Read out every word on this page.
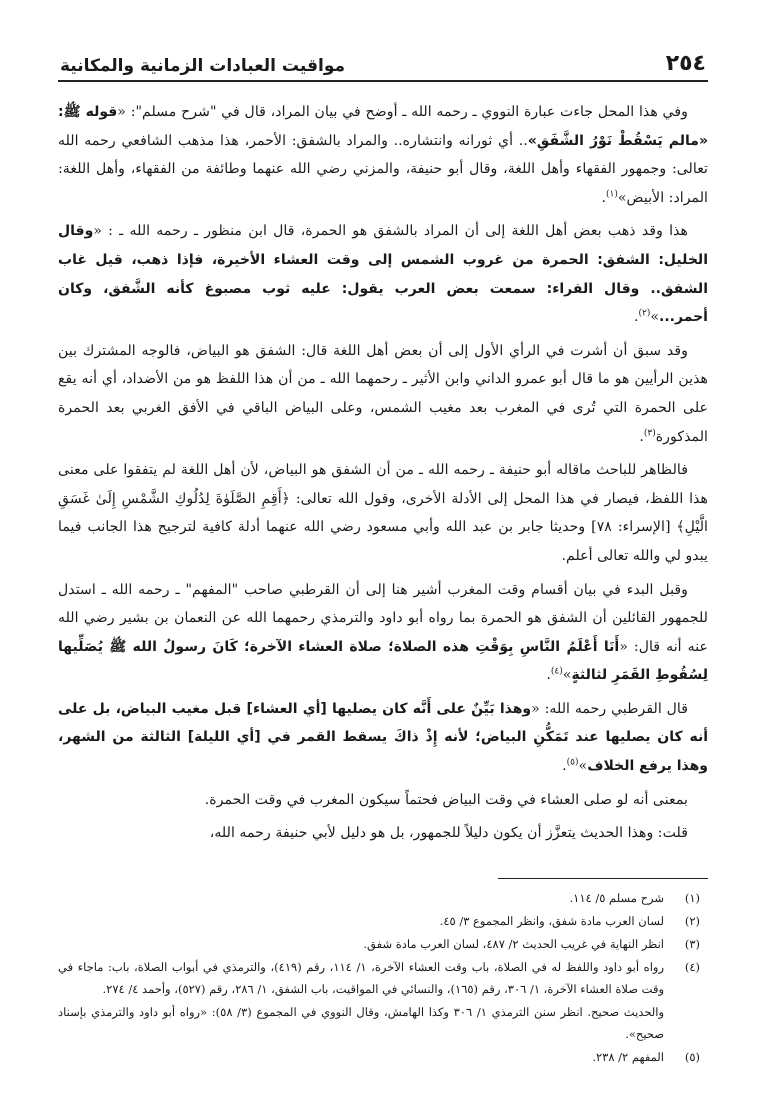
٢٥٤
مواقيت العبادات الزمانية والمكانية

وفي هذا المحل جاءت عبارة النووي ـ رحمه الله ـ أوضح في بيان المراد، قال في "شرح مسلم": «قوله ﷺ: «مالم يَسْقُطْ نَوْرُ الشَّفَقِ».. أي ثورانه وانتشاره.. والمراد بالشفق: الأحمر، هذا مذهب الشافعي رحمه الله تعالى: وجمهور الفقهاء وأهل اللغة، وقال أبو حنيفة، والمزني رضي الله عنهما وطائفة من الفقهاء، وأهل اللغة: المراد: الأبيض»$^{(١)}$.

هذا وقد ذهب بعض أهل اللغة إلى أن المراد بالشفق هو الحمرة، قال ابن منظور ـ رحمه الله ـ : «وقال الخليل: الشفق: الحمرة من غروب الشمس إلى وقت العشاء الأخيرة، فإذا ذهب، قيل غاب الشفق.. وقال الفراء: سمعت بعض العرب يقول: عليه ثوب مصبوغ كأنه الشَّفق، وكان أحمر...»$^{(٢)}$.

وقد سبق أن أشرت في الرأي الأول إلى أن بعض أهل اللغة قال: الشفق هو البياض، فالوجه المشترك بين هذين الرأيين هو ما قال أبو عمرو الداني وابن الأثير ـ رحمهما الله ـ من أن هذا اللفظ هو من الأضداد، أي أنه يقع على الحمرة التي تُرى في المغرب بعد مغيب الشمس، وعلى البياض الباقي في الأفق الغربي بعد الحمرة المذكورة$^{(٣)}$.

فالظاهر للباحث ماقاله أبو حنيفة ـ رحمه الله ـ من أن الشفق هو البياض، لأن أهل اللغة لم يتفقوا على معنى هذا اللفظ، فيصار في هذا المحل إلى الأدلة الأخرى، وقول الله تعالى: ﴿أَقِمِ الصَّلَوٰةَ لِدُلُوكِ الشَّمْسِ إِلَىٰ غَسَقِ الَّيْلِ﴾ [الإسراء: ٧٨] وحديثا جابر بن عبد الله وأبي مسعود رضي الله عنهما أدلة كافية لترجيح هذا الجانب فيما يبدو لي والله تعالى أعلم.

وقبل البدء في بيان أقسام وقت المغرب أشير هنا إلى أن القرطبي صاحب "المفهم" ـ رحمه الله ـ استدل للجمهور القائلين أن الشفق هو الحمرة بما رواه أبو داود والترمذي رحمهما الله عن النعمان بن بشير رضي الله عنه أنه قال: «أَنَا أَعْلَمُ النَّاسِ بِوَقْتِ هذه الصلاة؛ صلاة العشاء الآخرة؛ كَانَ رسولُ الله ﷺ يُصَلِّيها لِسُقُوطِ القَمَرِ لثالثةٍ»$^{(٤)}$.

قال القرطبي رحمه الله: «وهذا بَيِّنٌ على أَنَّه كان يصليها [أي العشاء] قبل مغيب البياض، بل على أنه كان يصليها عند تَمَكُّنِ البياض؛ لأنه إِذْ ذاكَ يسقط القمر في [أي الليلة] الثالثة من الشهر، وهذا يرفع الخلاف»$^{(٥)}$.

بمعنى أنه لو صلى العشاء في وقت البياض فحتماً سيكون المغرب في وقت الحمرة.

قلت: وهذا الحديث يتعزَّز أن يكون دليلاً للجمهور، بل هو دليل لأبي حنيفة رحمه الله،

(١)
شرح مسلم ٥/ ١١٤.
(٢)
لسان العرب مادة شفق، وانظر المجموع ٣/ ٤٥.
(٣)
انظر النهاية في غريب الحديث ٢/ ٤٨٧، لسان العرب مادة شفق.
(٤)
رواه أبو داود واللفظ له في الصلاة، باب وقت العشاء الآخرة، ١/ ١١٤، رقم (٤١٩)، والترمذي في أبواب الصلاة، باب: ماجاء في وقت صلاة العشاء الآخرة، ١/ ٣٠٦، رقم (١٦٥)، والنسائي في المواقيت، باب الشفق، ١/ ٢٨٦، رقم (٥٢٧)، وأحمد ٤/ ٢٧٤.
والحديث صحيح. انظر سنن الترمذي ١/ ٣٠٦ وكذا الهامش، وقال النووي في المجموع (٣/ ٥٨): «رواه أبو داود والترمذي بإسناد صحيح».
(٥)
المفهم ٢/ ٢٣٨.
